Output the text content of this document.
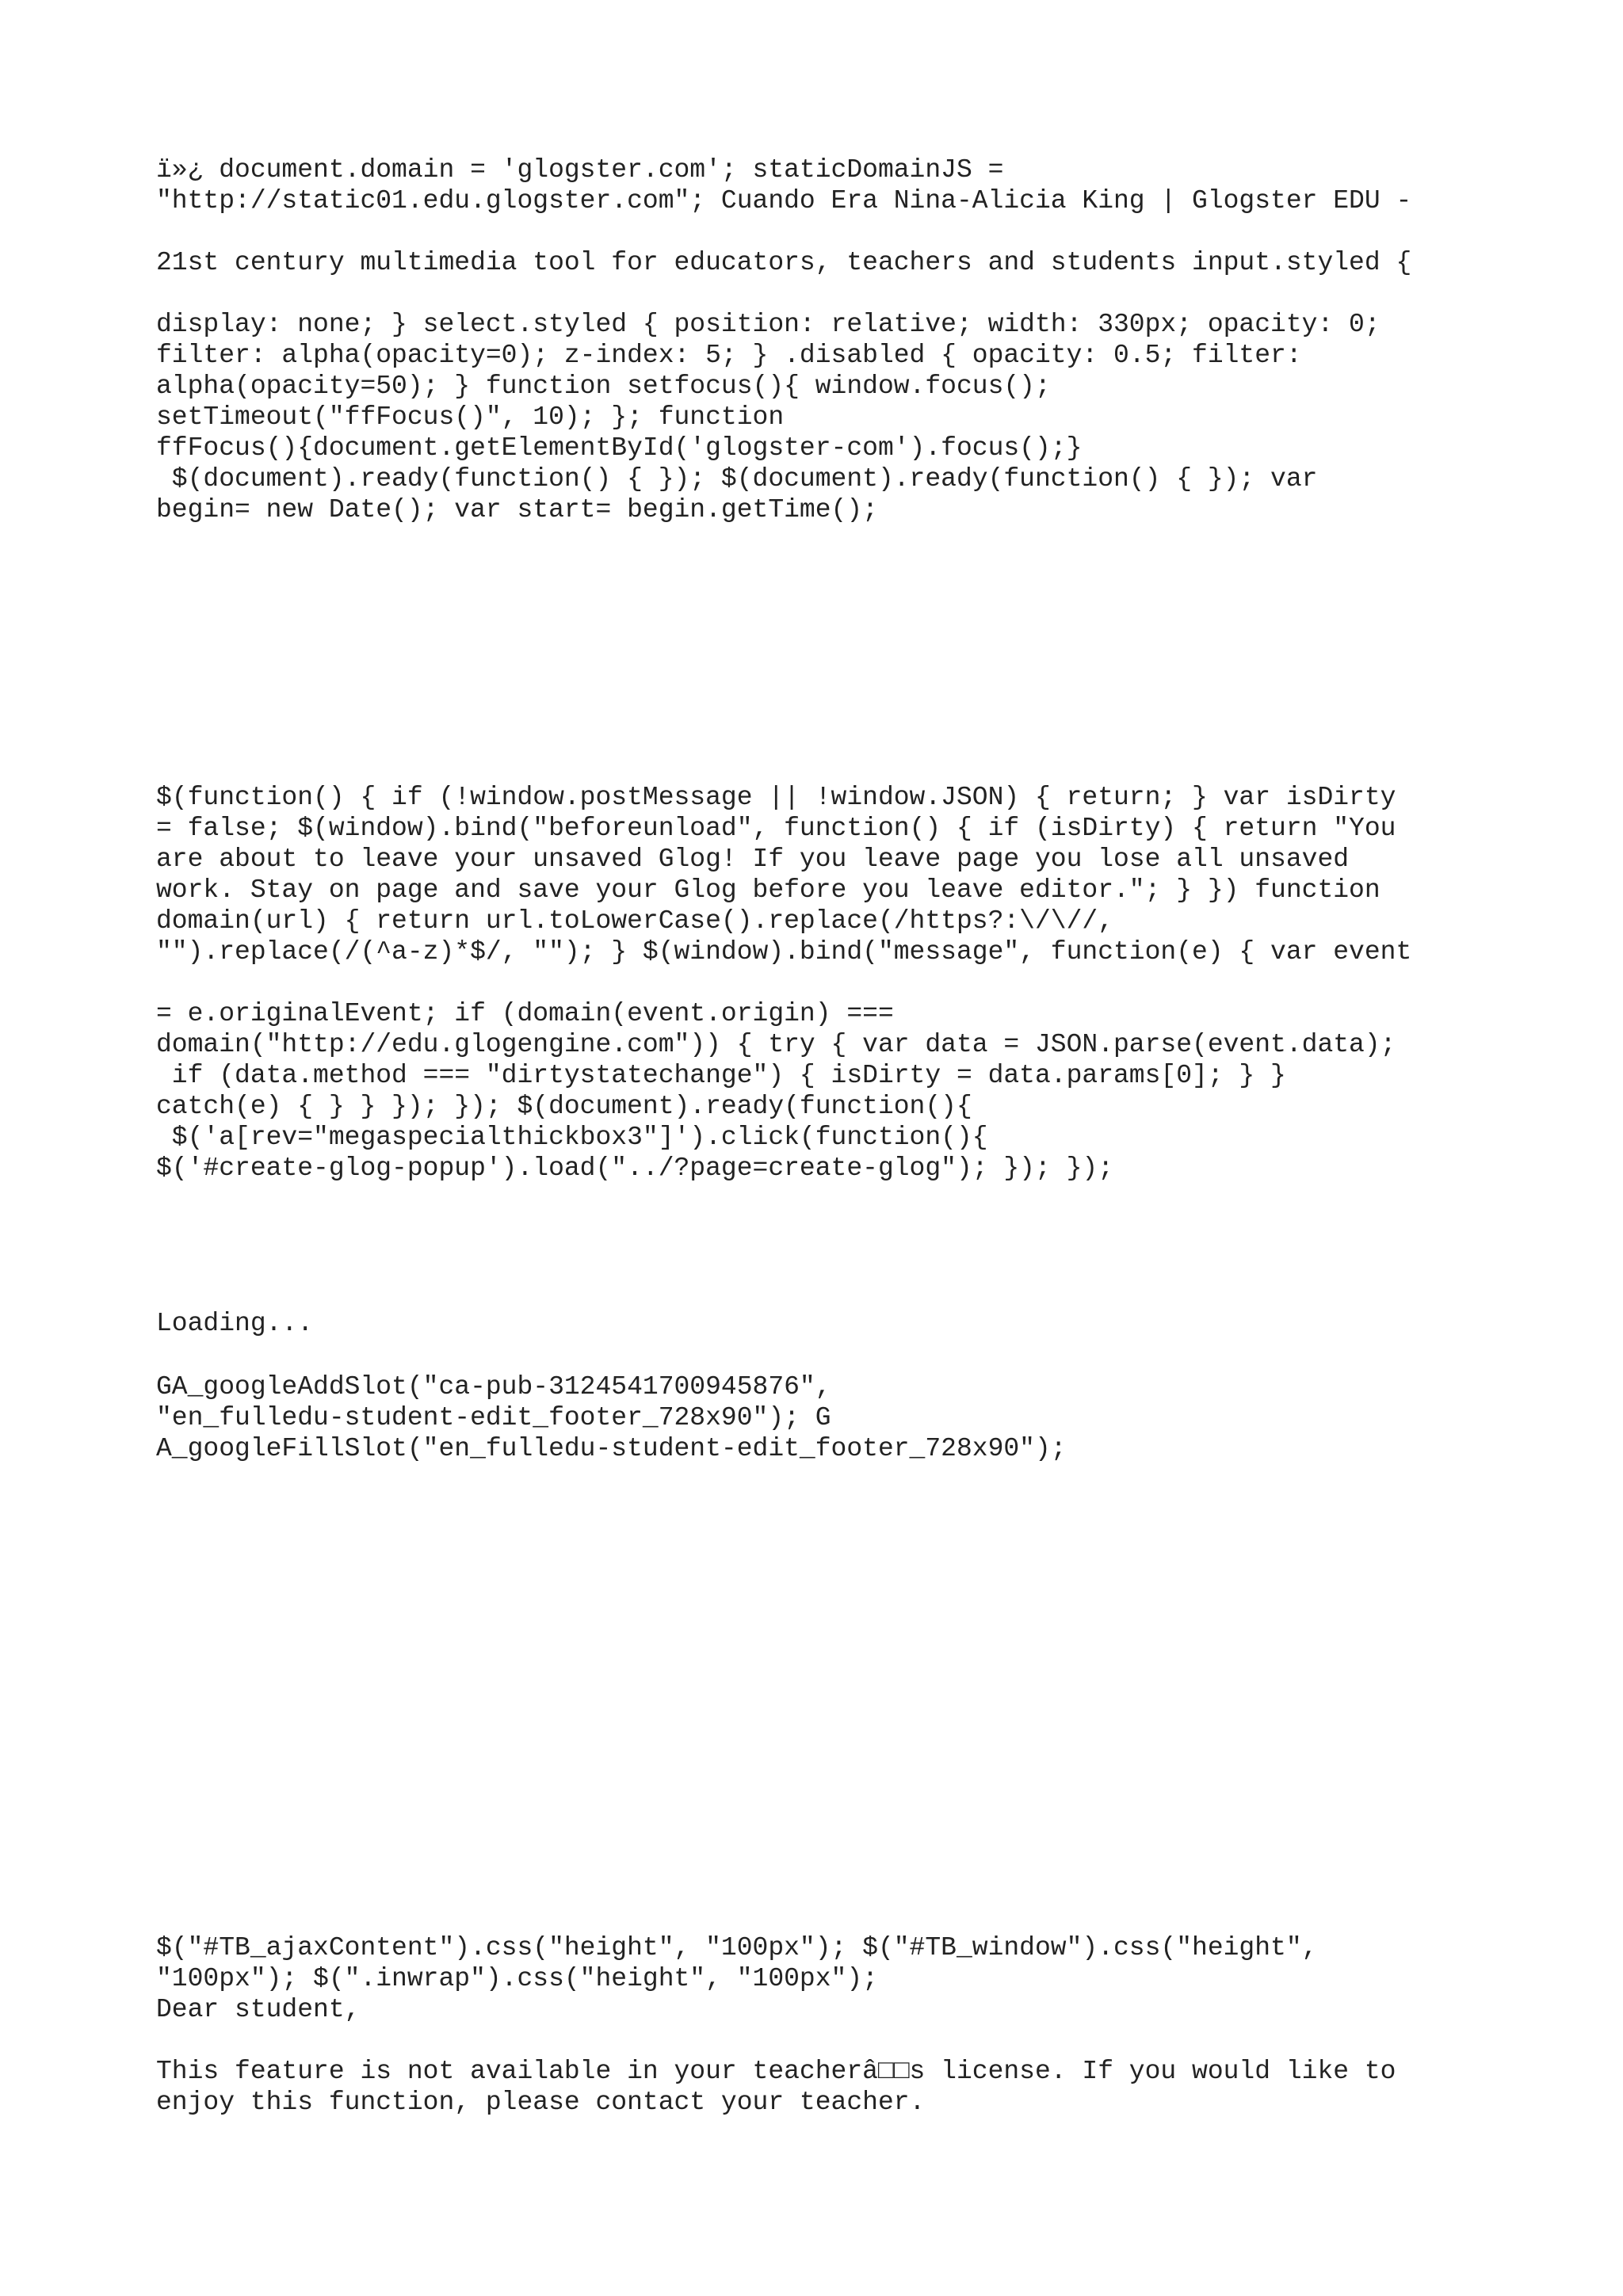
ï»¿ document.domain = 'glogster.com'; staticDomainJS =
"http://static01.edu.glogster.com"; Cuando Era Nina-Alicia King | Glogster EDU -
21st century multimedia tool for educators, teachers and students input.styled {
display: none; } select.styled { position: relative; width: 330px; opacity: 0;
filter: alpha(opacity=0); z-index: 5; } .disabled { opacity: 0.5; filter:
alpha(opacity=50); } function setfocus(){ window.focus();
setTimeout("ffFocus()", 10); }; function
ffFocus(){document.getElementById('glogster-com').focus();}
$(document).ready(function() { }); $(document).ready(function() { }); var
begin= new Date(); var start= begin.getTime();
$(function() { if (!window.postMessage || !window.JSON) { return; } var isDirty
= false; $(window).bind("beforeunload", function() { if (isDirty) { return "You
are about to leave your unsaved Glog! If you leave page you lose all unsaved
work. Stay on page and save your Glog before you leave editor."; } }) function
domain(url) { return url.toLowerCase().replace(/https?:\/\//,
"").replace(/(^a-z)*$/, ""); } $(window).bind("message", function(e) { var event
= e.originalEvent; if (domain(event.origin) ===
domain("http://edu.glogengine.com")) { try { var data = JSON.parse(event.data);
if (data.method === "dirtystatechange") { isDirty = data.params[0]; } }
catch(e) { } } }); }); $(document).ready(function(){
$('a[rev="megaspecialthickbox3"]').click(function(){
$('#create-glog-popup').load("../?page=create-glog"); }); });
Loading...
GA_googleAddSlot("ca-pub-3124541700945876",
"en_fulledu-student-edit_footer_728x90"); G
A_googleFillSlot("en_fulledu-student-edit_footer_728x90");
$("#TB_ajaxContent").css("height", "100px"); $("#TB_window").css("height",
"100px"); $(".inwrap").css("height", "100px");
Dear student,
This feature is not available in your teacherâ□□s license. If you would like to
enjoy this function, please contact your teacher.
